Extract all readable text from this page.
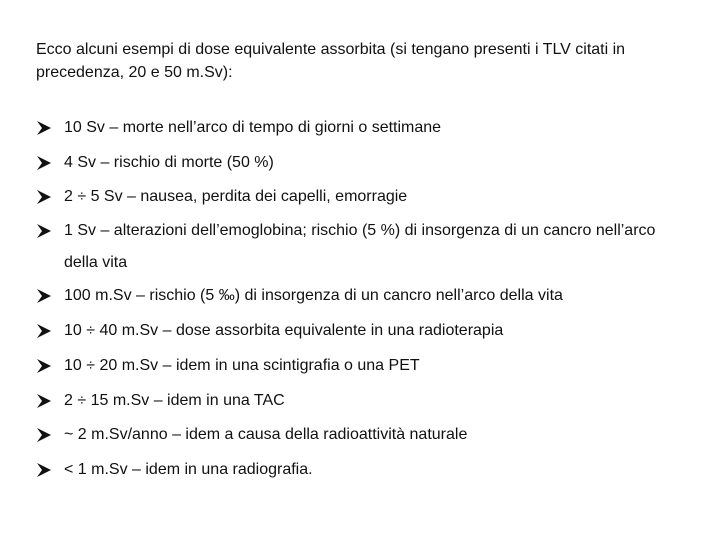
Ecco alcuni esempi di dose equivalente assorbita (si tengano presenti i TLV citati in precedenza, 20 e 50 m.Sv):

10 Sv – morte nell’arco di tempo di giorni o settimane
4 Sv – rischio di morte (50 %)
2 ÷ 5 Sv – nausea, perdita dei capelli, emorragie
1 Sv – alterazioni dell’emoglobina; rischio (5 %) di insorgenza di un cancro nell’arco della vita
100 m.Sv – rischio (5 ‰) di insorgenza di un cancro nell’arco della vita
10 ÷ 40 m.Sv – dose assorbita equivalente in una radioterapia
10 ÷ 20 m.Sv – idem in una scintigrafia o una PET
2 ÷ 15 m.Sv – idem in una TAC
~ 2 m.Sv/anno – idem a causa della radioattività naturale
< 1 m.Sv – idem in una radiografia.
